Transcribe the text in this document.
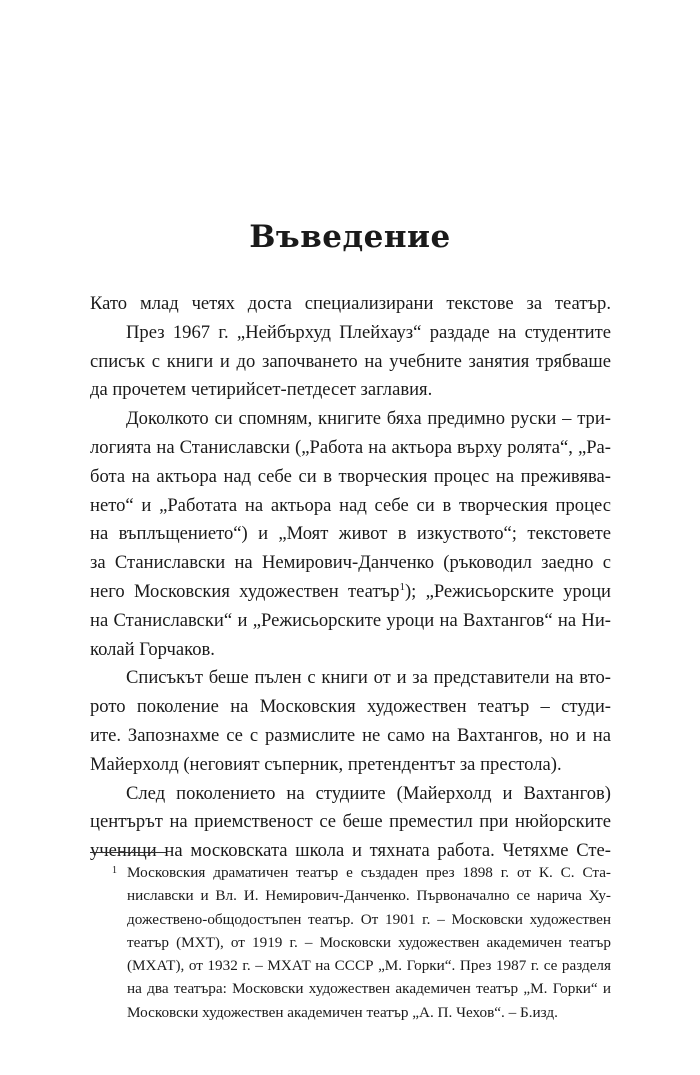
Въведение
Като млад четях доста специализирани текстове за театър.
През 1967 г. „Нейбърхуд Плейхауз“ раздаде на студентите
списък с книги и до започването на учебните занятия трябваше
да прочетем четирийсет-петдесет заглавия.
Доколкото си спомням, книгите бяха предимно руски – три-
логията на Станиславски („Работа на актьора върху ролята“, „Ра-
бота на актьора над себе си в творческия процес на преживява-
нето“ и „Работата на актьора над себе си в творческия процес
на въплъщението“) и „Моят живот в изкуството“; текстовете
за Станиславски на Немирович-Данченко (ръководил заедно с
него Московския художествен театър$^1$); „Режисьорските уроци
на Станиславски“ и „Режисьорските уроци на Вахтангов“ на Ни-
колай Горчаков.
Списъкът беше пълен с книги от и за представители на вто-
рото поколение на Московския художествен театър – студи-
ите. Запознахме се с размислите не само на Вахтангов, но и на
Майерхолд (неговият съперник, претендентът за престола).
След поколението на студиите (Майерхолд и Вахтангов)
центърът на приемственост се беше преместил при нюйорските
ученици на московската школа и тяхната работа. Четяхме Сте-
1 Московския драматичен театър е създаден през 1898 г. от К. С. Ста-
ниславски и Вл. И. Немирович-Данченко. Първоначално се нарича Ху-
дожествено-общодостъпен театър. От 1901 г. – Московски художествен
театър (МХТ), от 1919 г. – Московски художествен академичен театър
(МХАТ), от 1932 г. – МХАТ на СССР „М. Горки“. През 1987 г. се разделя
на два театъра: Московски художествен академичен театър „М. Горки“ и
Московски художествен академичен театър „А. П. Чехов“. – Б.изд.
